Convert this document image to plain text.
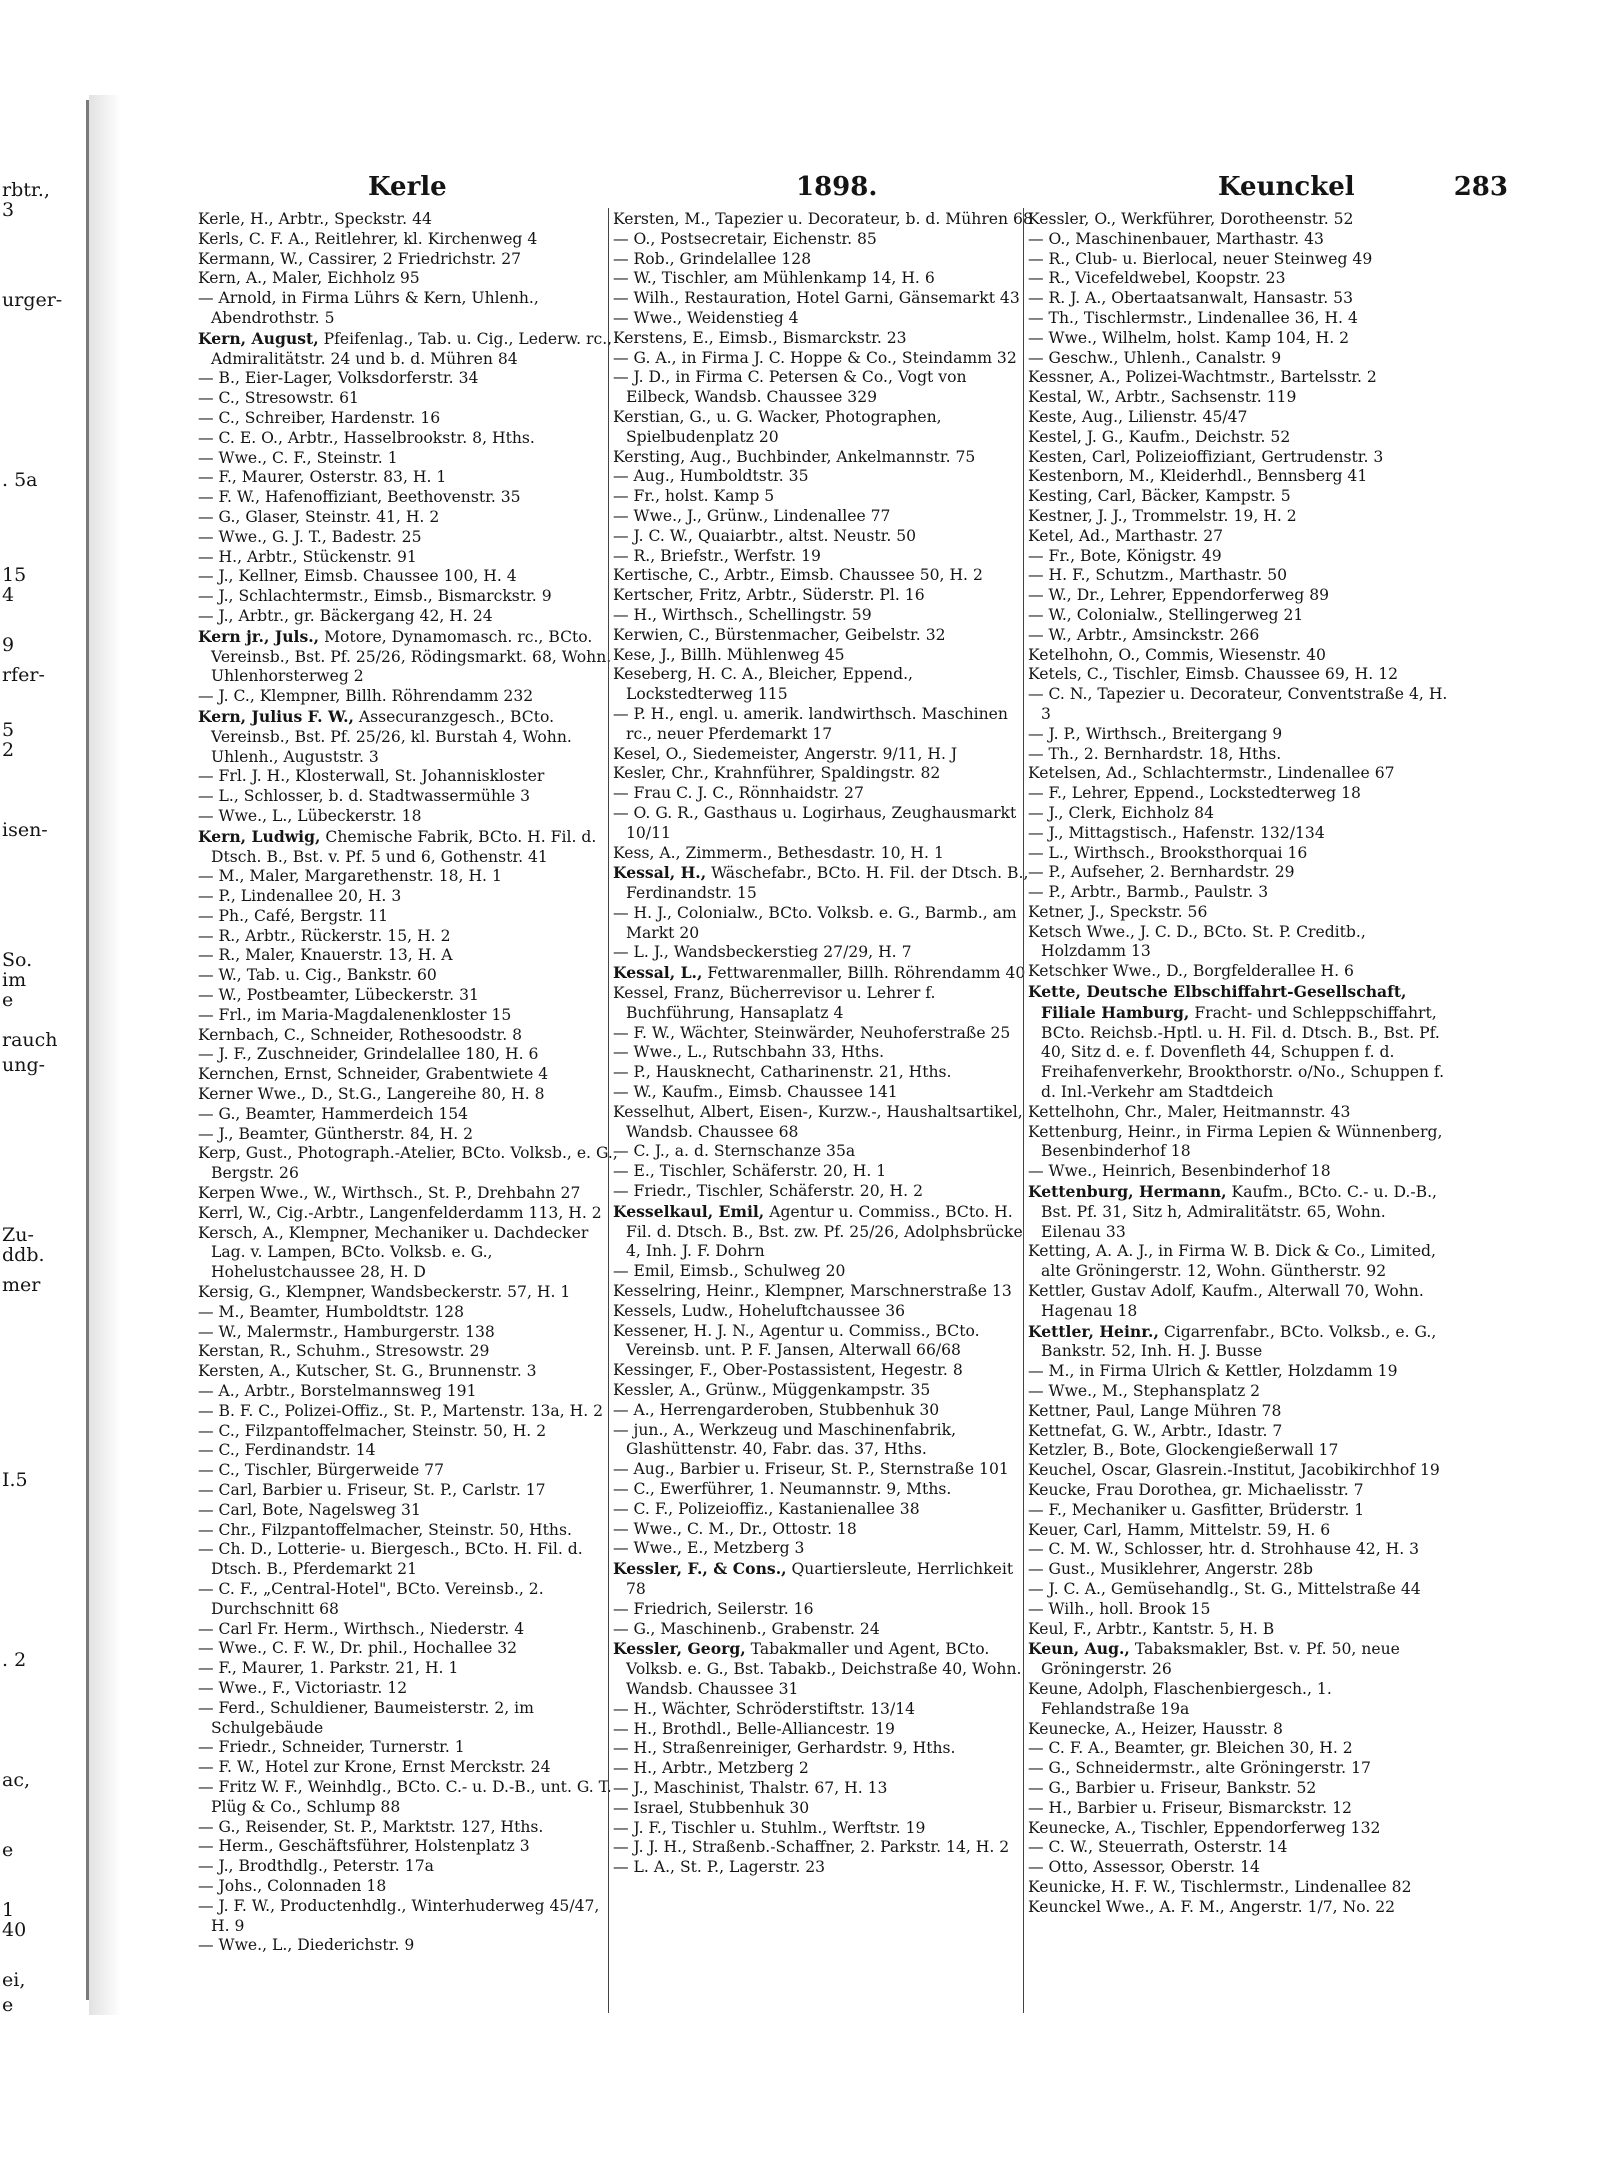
rbtr.,
3
urger-
. 5a
15
4
9
rfer-
5
2
isen-
So.
im
e
rauch
ung-
Zu-
ddb.
mer
I.5
. 2
ac,
e
1
40
ei,
e
Kerle	1898.	Keunckel	283
Kerle, H., Arbtr., Speckstr. 44
Kerls, C. F. A., Reitlehrer, kl. Kirchenweg 4
Kermann, W., Cassirer, 2 Friedrichstr. 27
Kern, A., Maler, Eichholz 95
— Arnold, in Firma Lührs & Kern, Uhlenh., Abendrothstr. 5
Kern, August, Pfeifenlag., Tab. u. Cig., Lederw. rc., Admiralitätstr. 24 und b. d. Mühren 84
— B., Eier-Lager, Volksdorferstr. 34
— C., Stresowstr. 61
— C., Schreiber, Hardenstr. 16
— C. E. O., Arbtr., Hasselbrookstr. 8, Hths.
— Wwe., C. F., Steinstr. 1
— F., Maurer, Osterstr. 83, H. 1
— F. W., Hafenoffiziant, Beethovenstr. 35
— G., Glaser, Steinstr. 41, H. 2
— Wwe., G. J. T., Badestr. 25
— H., Arbtr., Stückenstr. 91
— J., Kellner, Eimsb. Chaussee 100, H. 4
— J., Schlachtermstr., Eimsb., Bismarckstr. 9
— J., Arbtr., gr. Bäckergang 42, H. 24
Kern jr., Juls., Motore, Dynamomasch. rc., BCto. Vereinsb., Bst. Pf. 25/26, Rödingsmarkt. 68, Wohn. Uhlenhorsterweg 2
— J. C., Klempner, Billh. Röhrendamm 232
Kern, Julius F. W., Assecuranzgesch., BCto. Vereinsb., Bst. Pf. 25/26, kl. Burstah 4, Wohn. Uhlenh., Auguststr. 3
— Frl. J. H., Klosterwall, St. Johanniskloster
— L., Schlosser, b. d. Stadtwassermühle 3
— Wwe., L., Lübeckerstr. 18
Kern, Ludwig, Chemische Fabrik, BCto. H. Fil. d. Dtsch. B., Bst. v. Pf. 5 und 6, Gothenstr. 41
— M., Maler, Margarethenstr. 18, H. 1
— P., Lindenallee 20, H. 3
— Ph., Café, Bergstr. 11
— R., Arbtr., Rückerstr. 15, H. 2
— R., Maler, Knauerstr. 13, H. A
— W., Tab. u. Cig., Bankstr. 60
— W., Postbeamter, Lübeckerstr. 31
— Frl., im Maria-Magdalenenkloster 15
Kernbach, C., Schneider, Rothesoodstr. 8
— J. F., Zuschneider, Grindelallee 180, H. 6
Kernchen, Ernst, Schneider, Grabentwiete 4
Kerner Wwe., D., St.G., Langereihe 80, H. 8
— G., Beamter, Hammerdeich 154
— J., Beamter, Güntherstr. 84, H. 2
Kerp, Gust., Photograph.-Atelier, BCto. Volksb., e. G., Bergstr. 26
Kerpen Wwe., W., Wirthsch., St. P., Drehbahn 27
Kerrl, W., Cig.-Arbtr., Langenfelderdamm 113, H. 2
Kersch, A., Klempner, Mechaniker u. Dachdecker Lag. v. Lampen, BCto. Volksb. e. G., Hohelustchaussee 28, H. D
Kersig, G., Klempner, Wandsbeckerstr. 57, H. 1
— M., Beamter, Humboldtstr. 128
— W., Malermstr., Hamburgerstr. 138
Kerstan, R., Schuhm., Stresowstr. 29
Kersten, A., Kutscher, St. G., Brunnenstr. 3
— A., Arbtr., Borstelmannsweg 191
— B. F. C., Polizei-Offiz., St. P., Martenstr. 13a, H. 2
— C., Filzpantoffelmacher, Steinstr. 50, H. 2
— C., Ferdinandstr. 14
— C., Tischler, Bürgerweide 77
— Carl, Barbier u. Friseur, St. P., Carlstr. 17
— Carl, Bote, Nagelsweg 31
— Chr., Filzpantoffelmacher, Steinstr. 50, Hths.
— Ch. D., Lotterie- u. Biergesch., BCto. H. Fil. d. Dtsch. B., Pferdemarkt 21
— C. F., „Central-Hotel", BCto. Vereinsb., 2. Durchschnitt 68
— Carl Fr. Herm., Wirthsch., Niederstr. 4
— Wwe., C. F. W., Dr. phil., Hochallee 32
— F., Maurer, 1. Parkstr. 21, H. 1
— Wwe., F., Victoriastr. 12
— Ferd., Schuldiener, Baumeisterstr. 2, im Schulgebäude
— Friedr., Schneider, Turnerstr. 1
— F. W., Hotel zur Krone, Ernst Merckstr. 24
— Fritz W. F., Weinhdlg., BCto. C.- u. D.-B., unt. G. T. Plüg & Co., Schlump 88
— G., Reisender, St. P., Marktstr. 127, Hths.
— Herm., Geschäftsführer, Holstenplatz 3
— J., Brodthdlg., Peterstr. 17a
— Johs., Colonnaden 18
— J. F. W., Productenhdlg., Winterhuderweg 45/47, H. 9
— Wwe., L., Diederichstr. 9
Kersten, M., Tapezier u. Decorateur, b. d. Mühren 68
— O., Postsecretair, Eichenstr. 85
— Rob., Grindelallee 128
— W., Tischler, am Mühlenkamp 14, H. 6
— Wilh., Restauration, Hotel Garni, Gänsemarkt 43
— Wwe., Weidenstieg 4
Kerstens, E., Eimsb., Bismarckstr. 23
— G. A., in Firma J. C. Hoppe & Co., Steindamm 32
— J. D., in Firma C. Petersen & Co., Vogt von Eilbeck, Wandsb. Chaussee 329
Kerstian, G., u. G. Wacker, Photographen, Spielbudenplatz 20
Kersting, Aug., Buchbinder, Ankelmannstr. 75
— Aug., Humboldtstr. 35
— Fr., holst. Kamp 5
— Wwe., J., Grünw., Lindenallee 77
— J. C. W., Quaiarbtr., altst. Neustr. 50
— R., Briefstr., Werfstr. 19
Kertische, C., Arbtr., Eimsb. Chaussee 50, H. 2
Kertscher, Fritz, Arbtr., Süderstr. Pl. 16
— H., Wirthsch., Schellingstr. 59
Kerwien, C., Bürstenmacher, Geibelstr. 32
Kese, J., Billh. Mühlenweg 45
Keseberg, H. C. A., Bleicher, Eppend., Lockstedterweg 115
— P. H., engl. u. amerik. landwirthsch. Maschinen rc., neuer Pferdemarkt 17
Kesel, O., Siedemeister, Angerstr. 9/11, H. J
Kesler, Chr., Krahnführer, Spaldingstr. 82
— Frau C. J. C., Rönnhaidstr. 27
— O. G. R., Gasthaus u. Logirhaus, Zeughausmarkt 10/11
Kess, A., Zimmerm., Bethesdastr. 10, H. 1
Kessal, H., Wäschefabr., BCto. H. Fil. der Dtsch. B., Ferdinandstr. 15
— H. J., Colonialw., BCto. Volksb. e. G., Barmb., am Markt 20
— L. J., Wandsbeckerstieg 27/29, H. 7
Kessal, L., Fettwarenmaller, Billh. Röhrendamm 40
Kessel, Franz, Bücherrevisor u. Lehrer f. Buchführung, Hansaplatz 4
— F. W., Wächter, Steinwärder, Neuhoferstraße 25
— Wwe., L., Rutschbahn 33, Hths.
— P., Hausknecht, Catharinenstr. 21, Hths.
— W., Kaufm., Eimsb. Chaussee 141
Kesselhut, Albert, Eisen-, Kurzw.-, Haushaltsartikel, Wandsb. Chaussee 68
— C. J., a. d. Sternschanze 35a
— E., Tischler, Schäferstr. 20, H. 1
— Friedr., Tischler, Schäferstr. 20, H. 2
Kesselkaul, Emil, Agentur u. Commiss., BCto. H. Fil. d. Dtsch. B., Bst. zw. Pf. 25/26, Adolphsbrücke 4, Inh. J. F. Dohrn
— Emil, Eimsb., Schulweg 20
Kesselring, Heinr., Klempner, Marschnerstraße 13
Kessels, Ludw., Hoheluftchaussee 36
Kessener, H. J. N., Agentur u. Commiss., BCto. Vereinsb. unt. P. F. Jansen, Alterwall 66/68
Kessinger, F., Ober-Postassistent, Hegestr. 8
Kessler, A., Grünw., Müggenkampstr. 35
— A., Herrengarderoben, Stubbenhuk 30
— jun., A., Werkzeug und Maschinenfabrik, Glashüttenstr. 40, Fabr. das. 37, Hths.
— Aug., Barbier u. Friseur, St. P., Sternstraße 101
— C., Ewerführer, 1. Neumannstr. 9, Mths.
— C. F., Polizeioffiz., Kastanienallee 38
— Wwe., C. M., Dr., Ottostr. 18
— Wwe., E., Metzberg 3
Kessler, F., & Cons., Quartiersleute, Herrlichkeit 78
— Friedrich, Seilerstr. 16
— G., Maschinenb., Grabenstr. 24
Kessler, Georg, Tabakmaller und Agent, BCto. Volksb. e. G., Bst. Tabakb., Deichstraße 40, Wohn. Wandsb. Chaussee 31
— H., Wächter, Schröderstiftstr. 13/14
— H., Brothdl., Belle-Alliancestr. 19
— H., Straßenreiniger, Gerhardstr. 9, Hths.
— H., Arbtr., Metzberg 2
— J., Maschinist, Thalstr. 67, H. 13
— Israel, Stubbenhuk 30
— J. F., Tischler u. Stuhlm., Werftstr. 19
— J. J. H., Straßenb.-Schaffner, 2. Parkstr. 14, H. 2
— L. A., St. P., Lagerstr. 23
Kessler, O., Werkführer, Dorotheenstr. 52
— O., Maschinenbauer, Marthastr. 43
— R., Club- u. Bierlocal, neuer Steinweg 49
— R., Vicefeldwebel, Koopstr. 23
— R. J. A., Obertaatsanwalt, Hansastr. 53
— Th., Tischlermstr., Lindenallee 36, H. 4
— Wwe., Wilhelm, holst. Kamp 104, H. 2
— Geschw., Uhlenh., Canalstr. 9
Kessner, A., Polizei-Wachtmstr., Bartelsstr. 2
Kestal, W., Arbtr., Sachsenstr. 119
Keste, Aug., Lilienstr. 45/47
Kestel, J. G., Kaufm., Deichstr. 52
Kesten, Carl, Polizeioffiziant, Gertrudenstr. 3
Kestenborn, M., Kleiderhdl., Bennsberg 41
Kesting, Carl, Bäcker, Kampstr. 5
Kestner, J. J., Trommelstr. 19, H. 2
Ketel, Ad., Marthastr. 27
— Fr., Bote, Königstr. 49
— H. F., Schutzm., Marthastr. 50
— W., Dr., Lehrer, Eppendorferweg 89
— W., Colonialw., Stellingerweg 21
— W., Arbtr., Amsinckstr. 266
Ketelhohn, O., Commis, Wiesenstr. 40
Ketels, C., Tischler, Eimsb. Chaussee 69, H. 12
— C. N., Tapezier u. Decorateur, Conventstraße 4, H. 3
— J. P., Wirthsch., Breitergang 9
— Th., 2. Bernhardstr. 18, Hths.
Ketelsen, Ad., Schlachtermstr., Lindenallee 67
— F., Lehrer, Eppend., Lockstedterweg 18
— J., Clerk, Eichholz 84
— J., Mittagstisch., Hafenstr. 132/134
— L., Wirthsch., Brooksthorquai 16
— P., Aufseher, 2. Bernhardstr. 29
— P., Arbtr., Barmb., Paulstr. 3
Ketner, J., Speckstr. 56
Ketsch Wwe., J. C. D., BCto. St. P. Creditb., Holzdamm 13
Ketschker Wwe., D., Borgfelderallee H. 6
Kette, Deutsche Elbschiffahrt-Gesellschaft, Filiale Hamburg, Fracht- und Schleppschiffahrt, BCto. Reichsb.-Hptl. u. H. Fil. d. Dtsch. B., Bst. Pf. 40, Sitz d. e. f. Dovenfleth 44, Schuppen f. d. Freihafenverkehr, Brookthorstr. o/No., Schuppen f. d. Inl.-Verkehr am Stadtdeich
Kettelhohn, Chr., Maler, Heitmannstr. 43
Kettenburg, Heinr., in Firma Lepien & Wünnenberg, Besenbinderhof 18
— Wwe., Heinrich, Besenbinderhof 18
Kettenburg, Hermann, Kaufm., BCto. C.- u. D.-B., Bst. Pf. 31, Sitz h, Admiralitätstr. 65, Wohn. Eilenau 33
Ketting, A. A. J., in Firma W. B. Dick & Co., Limited, alte Gröningerstr. 12, Wohn. Güntherstr. 92
Kettler, Gustav Adolf, Kaufm., Alterwall 70, Wohn. Hagenau 18
Kettler, Heinr., Cigarrenfabr., BCto. Volksb., e. G., Bankstr. 52, Inh. H. J. Busse
— M., in Firma Ulrich & Kettler, Holzdamm 19
— Wwe., M., Stephansplatz 2
Kettner, Paul, Lange Mühren 78
Kettnefat, G. W., Arbtr., Idastr. 7
Ketzler, B., Bote, Glockengießerwall 17
Keuchel, Oscar, Glasrein.-Institut, Jacobikirchhof 19
Keucke, Frau Dorothea, gr. Michaelisstr. 7
— F., Mechaniker u. Gasfitter, Brüderstr. 1
Keuer, Carl, Hamm, Mittelstr. 59, H. 6
— C. M. W., Schlosser, htr. d. Strohhause 42, H. 3
— Gust., Musiklehrer, Angerstr. 28b
— J. C. A., Gemüsehandlg., St. G., Mittelstraße 44
— Wilh., holl. Brook 15
Keul, F., Arbtr., Kantstr. 5, H. B
Keun, Aug., Tabaksmakler, Bst. v. Pf. 50, neue Gröningerstr. 26
Keune, Adolph, Flaschenbiergesch., 1. Fehlandstraße 19a
Keunecke, A., Heizer, Hausstr. 8
— C. F. A., Beamter, gr. Bleichen 30, H. 2
— G., Schneidermstr., alte Gröningerstr. 17
— G., Barbier u. Friseur, Bankstr. 52
— H., Barbier u. Friseur, Bismarckstr. 12
Keunecke, A., Tischler, Eppendorferweg 132
— C. W., Steuerrath, Osterstr. 14
— Otto, Assessor, Oberstr. 14
Keunicke, H. F. W., Tischlermstr., Lindenallee 82
Keunckel Wwe., A. F. M., Angerstr. 1/7, No. 22
